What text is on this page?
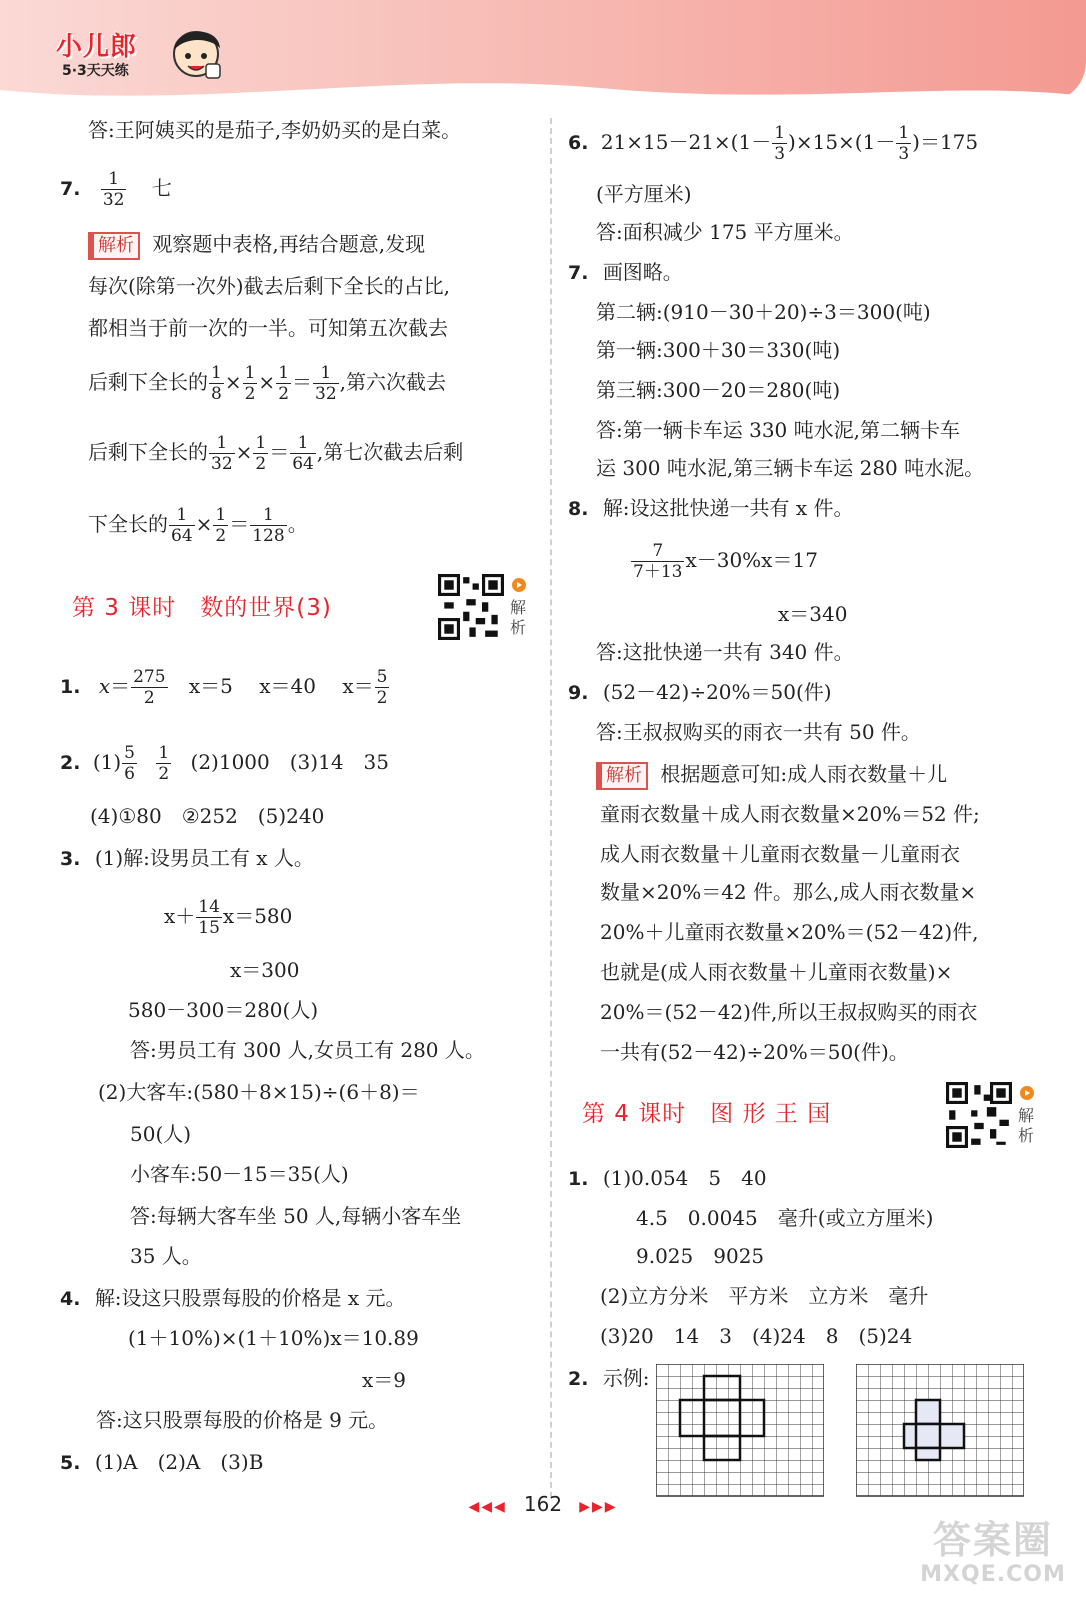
小儿郎
5·3天天练
答:王阿姨买的是茄子,李奶奶买的是白菜。
7. $\frac{1}{32}$ 七
解析 观察题中表格,再结合题意,发现
每次(除第一次外)截去后剩下全长的占比,
都相当于前一次的一半。可知第五次截去
后剩下全长的 $\frac{1}{8} \times \frac{1}{2} \times \frac{1}{2} = \frac{1}{32}$ ,第六次截去
后剩下全长的 $\frac{1}{32} \times \frac{1}{2} = \frac{1}{64}$ ,第七次截去后剩
下全长的 $\frac{1}{64} \times \frac{1}{2} = \frac{1}{128}$ 。
第 3 课时　数的世界(3)
1. $x= \frac{275}{2} x=5$　 x＝40　 $x= \frac{5}{2}$
2. $(1) \frac{5}{6}$
$\frac{1}{2} (2)1000$　(3)14　35
(4)①80　②252　(5)240
3. (1)解:设男员工有 x 人。
$x+ \frac{14}{15} x=580$
x＝300
580－300＝280(人)
答:男员工有 300 人,女员工有 280 人。
(2)大客车:(580＋8×15)÷(6＋8)＝
50(人)
小客车:50－15＝35(人)
答:每辆大客车坐 50 人,每辆小客车坐
35 人。
4. 解:设这只股票每股的价格是 x 元。
(1＋10%)×(1＋10%)x＝10.89
x＝9
答:这只股票每股的价格是 9 元。
5. (1)A　(2)A　(3)B
解析
解析
6. $21\times 15-21\times(1- \frac{1}{3} )\times 15\times(1- \frac{1}{3} )=175$
(平方厘米)
答:面积减少 175 平方厘米。
7. 画图略。
第二辆:(910－30＋20)÷3＝300(吨)
第一辆:300＋30＝330(吨)
第三辆:300－20＝280(吨)
答:第一辆卡车运 330 吨水泥,第二辆卡车
运 300 吨水泥,第三辆卡车运 280 吨水泥。
8. 解:设这批快递一共有 x 件。
$\frac{7}{7+13} x-30\%x=17$
x＝340
答:这批快递一共有 340 件。
9. (52－42)÷20%＝50(件)
答:王叔叔购买的雨衣一共有 50 件。
解析 根据题意可知:成人雨衣数量＋儿
童雨衣数量＋成人雨衣数量×20%＝52 件;
成人雨衣数量＋儿童雨衣数量－儿童雨衣
数量×20%＝42 件。那么,成人雨衣数量×
20%＋儿童雨衣数量×20%＝(52－42)件,
也就是(成人雨衣数量＋儿童雨衣数量)×
20%＝(52－42)件,所以王叔叔购买的雨衣
一共有(52－42)÷20%＝50(件)。
第 4 课时　图 形 王 国
1. (1)0.054　5　40
4.5　0.0045　毫升(或立方厘米)
9.025　9025
(2)立方分米　平方米　立方米　毫升
(3)20　14　3　(4)24　8　(5)24
2. 示例:
◀◀◀ 162 ▶▶▶
答案圈
MXQE.COM
